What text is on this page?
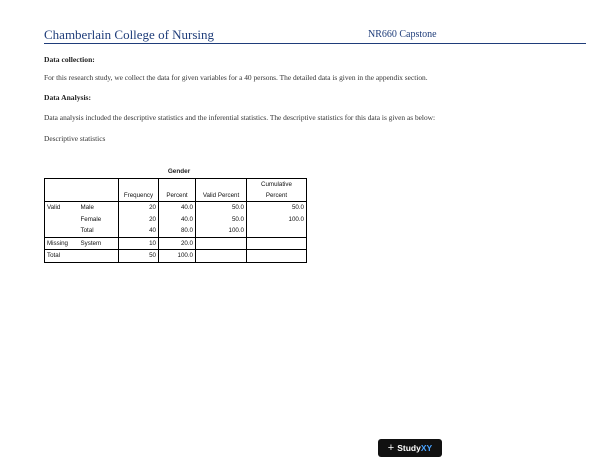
Chamberlain College of Nursing	NR660 Capstone
Data collection:
For this research study, we collect the data for given variables for a 40 persons. The detailed data is given in the appendix section.
Data Analysis:
Data analysis included the descriptive statistics and the inferential statistics. The descriptive statistics for this data is given as below:
Descriptive statistics
Gender
					Cumulative
		Frequency	Percent	Valid Percent	Percent
Valid	Male	20	40.0	50.0	50.0
	Female	20	40.0	50.0	100.0
	Total	40	80.0	100.0	
Missing	System	10	20.0		
Total		50	100.0		
+ StudyXY
